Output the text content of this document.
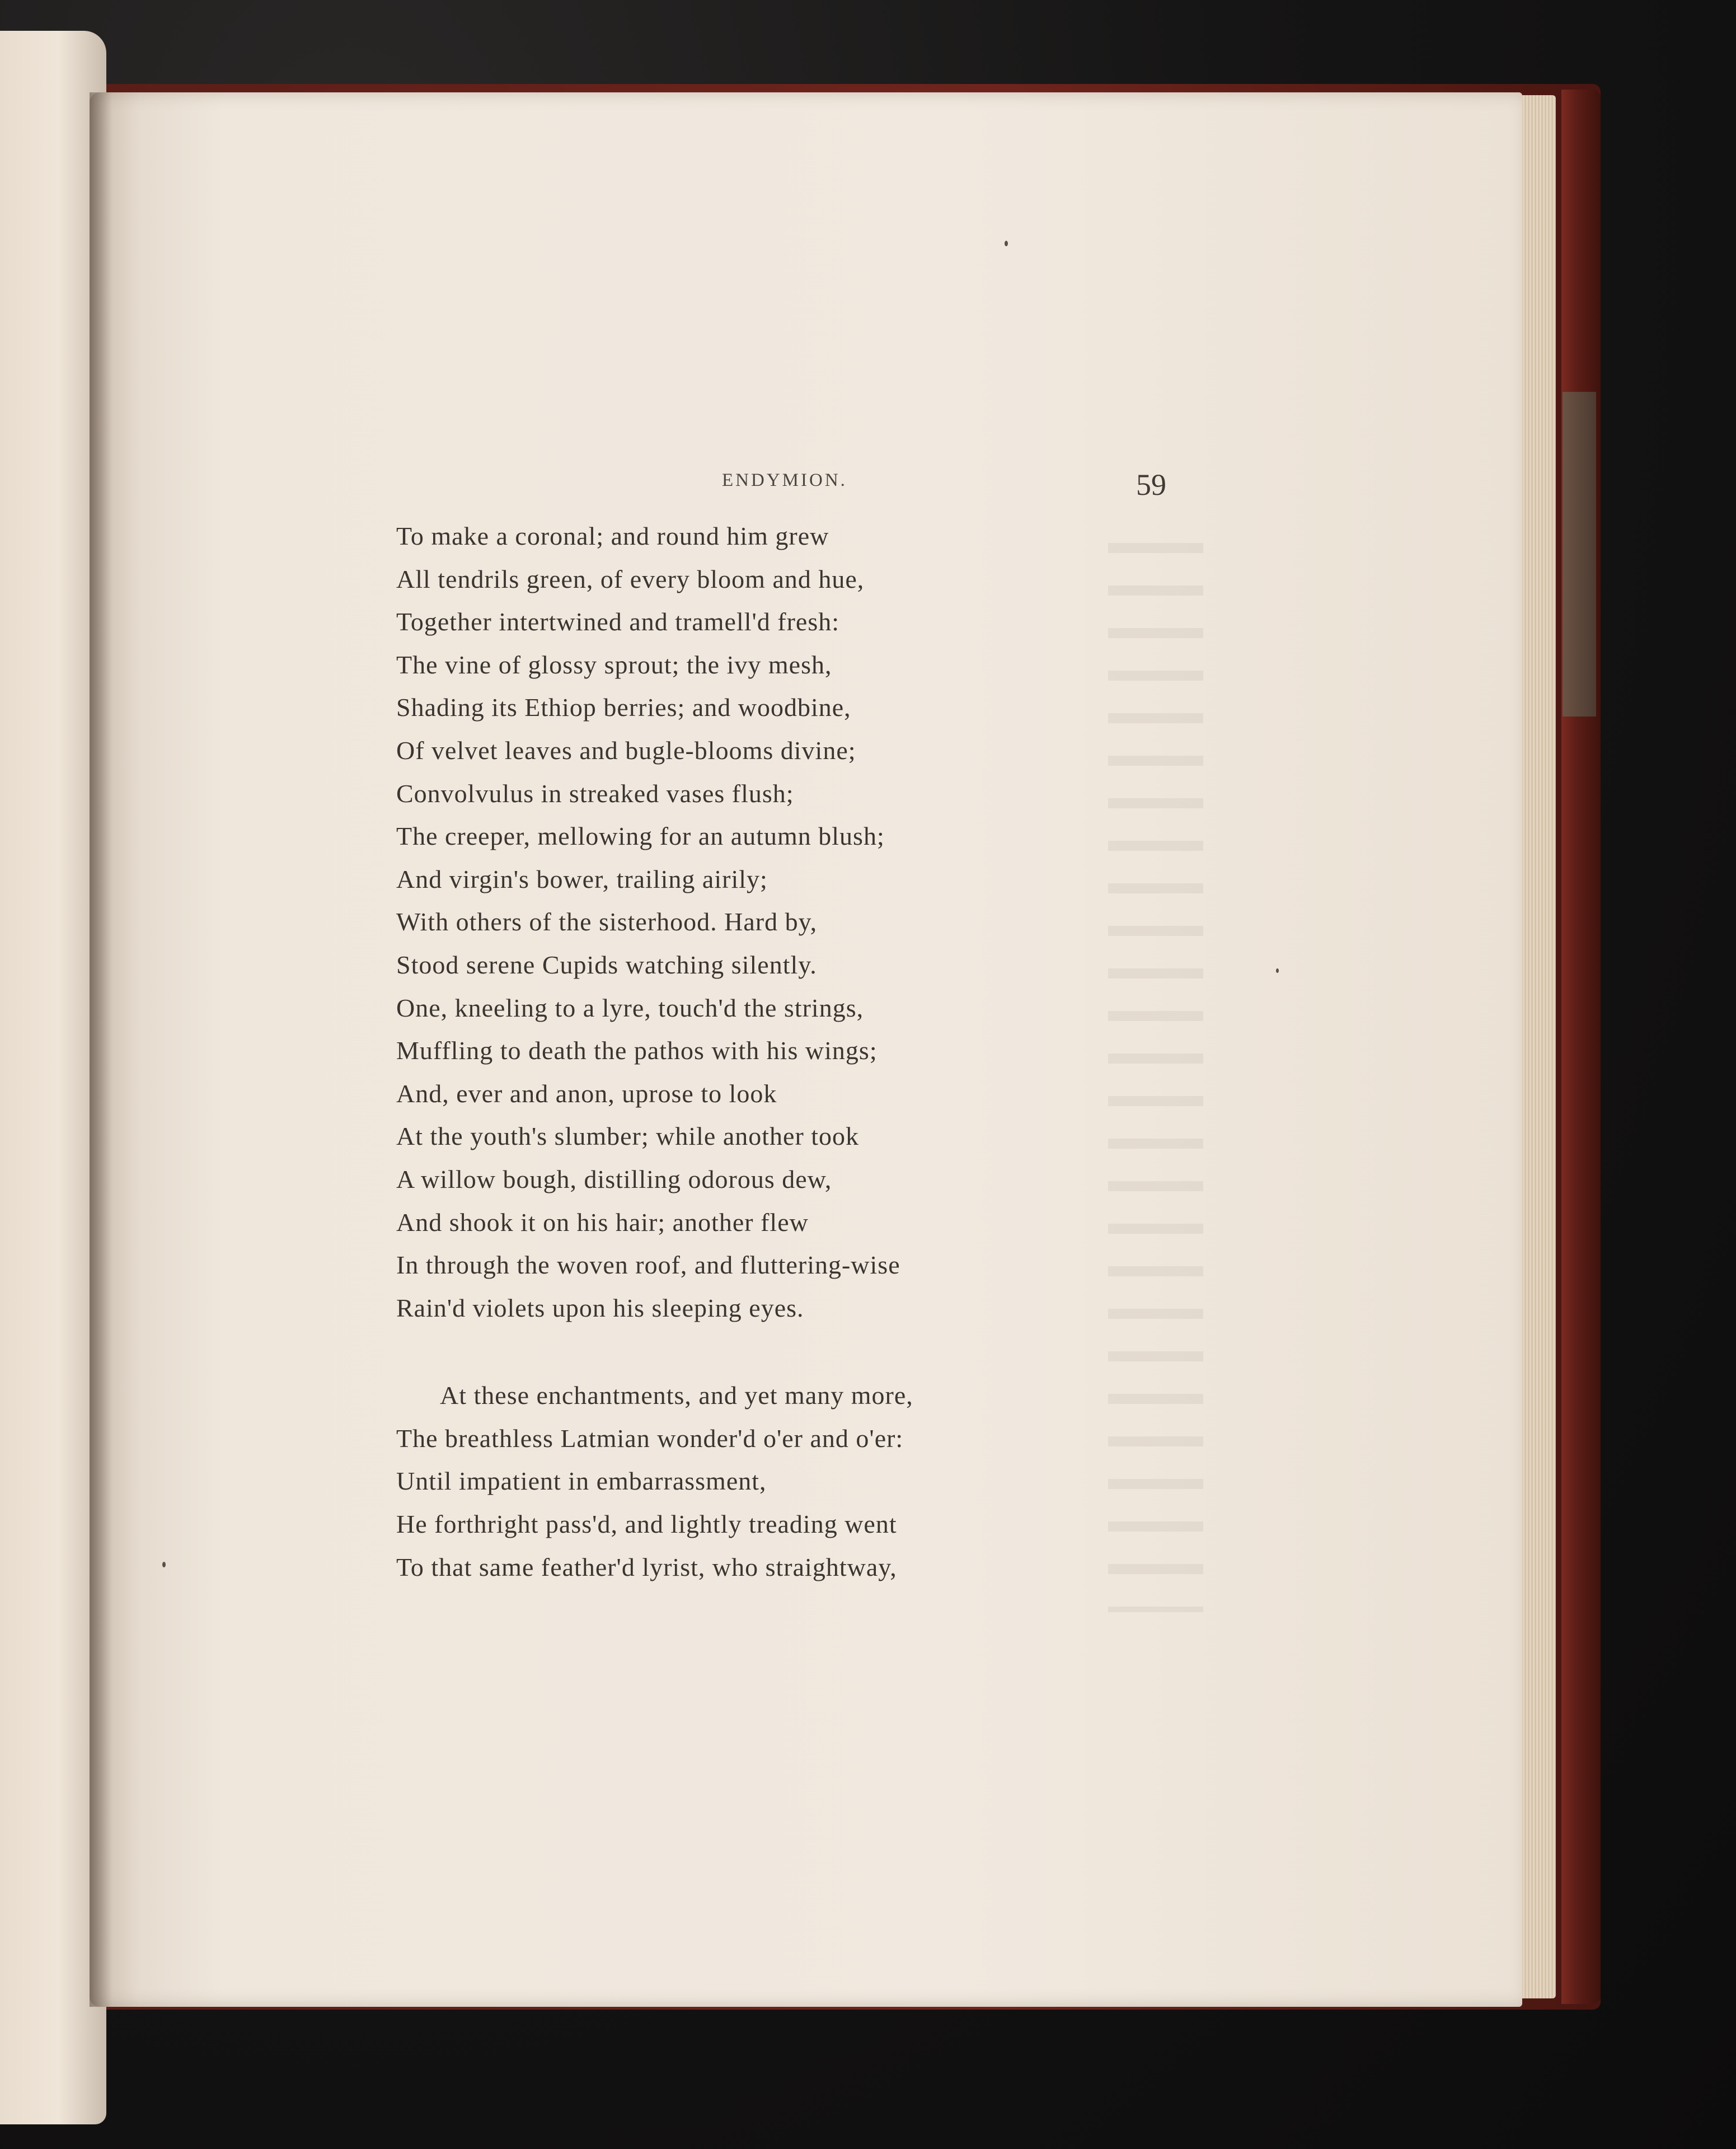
ENDYMION.	59
To make a coronal; and round him grew
All tendrils green, of every bloom and hue,
Together intertwined and tramell'd fresh:
The vine of glossy sprout; the ivy mesh,
Shading its Ethiop berries; and woodbine,
Of velvet leaves and bugle-blooms divine;
Convolvulus in streaked vases flush;
The creeper, mellowing for an autumn blush;
And virgin's bower, trailing airily;
With others of the sisterhood. Hard by,
Stood serene Cupids watching silently.
One, kneeling to a lyre, touch'd the strings,
Muffling to death the pathos with his wings;
And, ever and anon, uprose to look
At the youth's slumber; while another took
A willow bough, distilling odorous dew,
And shook it on his hair; another flew
In through the woven roof, and fluttering-wise
Rain'd violets upon his sleeping eyes.
At these enchantments, and yet many more,
The breathless Latmian wonder'd o'er and o'er:
Until impatient in embarrassment,
He forthright pass'd, and lightly treading went
To that same feather'd lyrist, who straightway,
